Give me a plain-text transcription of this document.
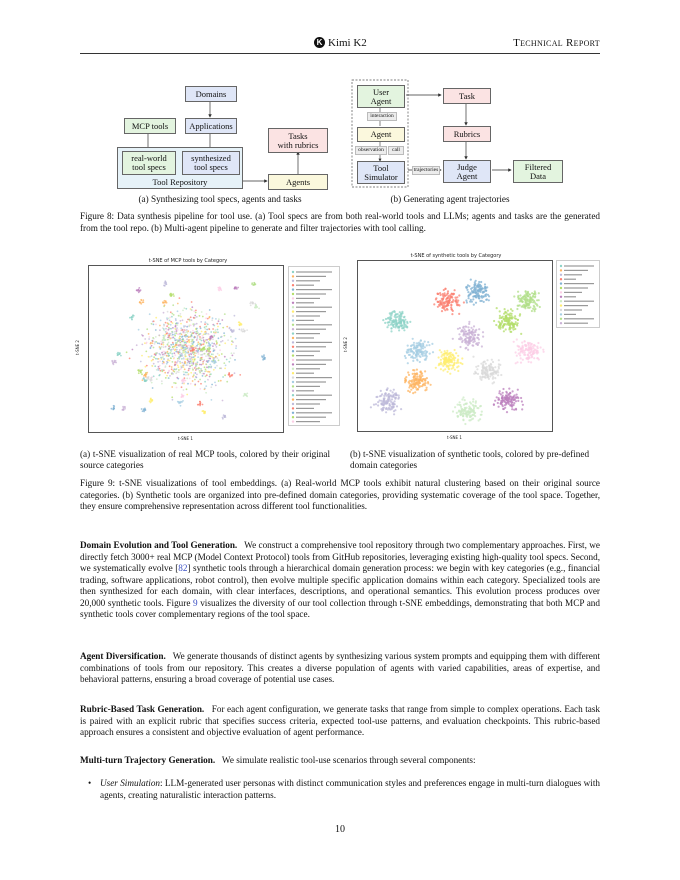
K Kimi K2	Technical Report
Domains
Applications
MCP tools
Tool Repository
real-world
tool specs
synthesized
tool specs
Tasks
with rubrics
Agents
(a) Synthesizing tool specs, agents and tasks
User
Agent
interaction
Agent
observation	call
Tool
Simulator
Task
Rubrics
trajectories	Judge
Agent
Filtered
Data
(b) Generating agent trajectories
Figure 8: Data synthesis pipeline for tool use. (a) Tool specs are from both real-world tools and LLMs; agents and tasks are the generated from the tool repo. (b) Multi-agent pipeline to generate and filter trajectories with tool calling.
t-SNE of MCP tools by Category
t-SNE 1
t-SNE 2
t-SNE of synthetic tools by Category
t-SNE 1
t-SNE 2
(a) t-SNE visualization of real MCP tools, colored by their original source categories
(b) t-SNE visualization of synthetic tools, colored by pre-defined domain categories
Figure 9: t-SNE visualizations of tool embeddings. (a) Real-world MCP tools exhibit natural clustering based on their original source categories. (b) Synthetic tools are organized into pre-defined domain categories, providing systematic coverage of the tool space. Together, they ensure comprehensive representation across different tool functionalities.
Domain Evolution and Tool Generation. We construct a comprehensive tool repository through two complementary approaches. First, we directly fetch 3000+ real MCP (Model Context Protocol) tools from GitHub repositories, leveraging existing high-quality tool specs. Second, we systematically evolve [82] synthetic tools through a hierarchical domain generation process: we begin with key categories (e.g., financial trading, software applications, robot control), then evolve multiple specific application domains within each category. Specialized tools are then synthesized for each domain, with clear interfaces, descriptions, and operational semantics. This evolution process produces over 20,000 synthetic tools. Figure 9 visualizes the diversity of our tool collection through t-SNE embeddings, demonstrating that both MCP and synthetic tools cover complementary regions of the tool space.
Agent Diversification. We generate thousands of distinct agents by synthesizing various system prompts and equipping them with different combinations of tools from our repository. This creates a diverse population of agents with varied capabilities, areas of expertise, and behavioral patterns, ensuring a broad coverage of potential use cases.
Rubric-Based Task Generation. For each agent configuration, we generate tasks that range from simple to complex operations. Each task is paired with an explicit rubric that specifies success criteria, expected tool-use patterns, and evaluation checkpoints. This rubric-based approach ensures a consistent and objective evaluation of agent performance.
Multi-turn Trajectory Generation. We simulate realistic tool-use scenarios through several components:
• User Simulation: LLM-generated user personas with distinct communication styles and preferences engage in multi-turn dialogues with agents, creating naturalistic interaction patterns.
10
